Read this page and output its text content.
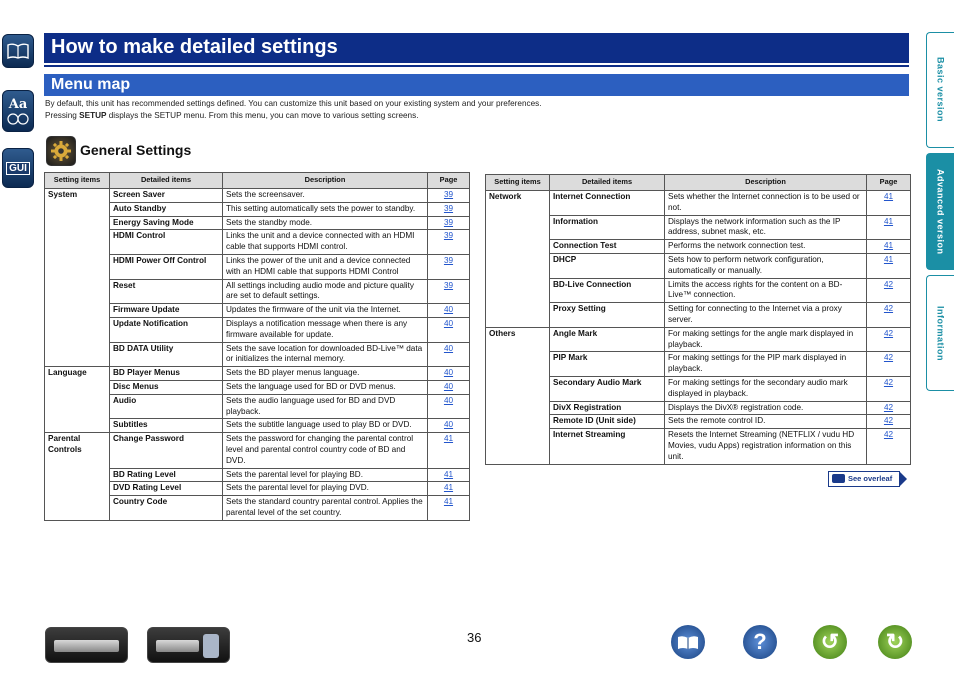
Aa
GUI
Basic version
Advanced version
Information
How to make detailed settings
Menu map
By default, this unit has recommended settings defined. You can customize this unit based on your existing system and your preferences.
Pressing SETUP displays the SETUP menu. From this menu, you can move to various setting screens.
General Settings
Setting items	Detailed items	Description	Page
System	Screen Saver	Sets the screensaver.	39
	Auto Standby	This setting automatically sets the power to standby.	39
	Energy Saving Mode	Sets the standby mode.	39
	HDMI Control	Links the unit and a device connected with an HDMI cable that supports HDMI control.	39
	HDMI Power Off Control	Links the power of the unit and a device connected with an HDMI cable that supports HDMI Control	39
	Reset	All settings including audio mode and picture quality are set to default settings.	39
	Firmware Update	Updates the firmware of the unit via the Internet.	40
	Update Notification	Displays a notification message when there is any firmware available for update.	40
	BD DATA Utility	Sets the save location for downloaded BD-Live™ data or initializes the internal memory.	40
Language	BD Player Menus	Sets the BD player menus language.	40
	Disc Menus	Sets the language used for BD or DVD menus.	40
	Audio	Sets the audio language used for BD and DVD playback.	40
	Subtitles	Sets the subtitle language used to play BD or DVD.	40
Parental Controls	Change Password	Sets the password for changing the parental control level and parental control country code of BD and DVD.	41
	BD Rating Level	Sets the parental level for playing BD.	41
	DVD Rating Level	Sets the parental level for playing DVD.	41
	Country Code	Sets the standard country parental control. Applies the parental level of the set country.	41
Setting items	Detailed items	Description	Page
Network	Internet Connection	Sets whether the Internet connection is to be used or not.	41
	Information	Displays the network information such as the IP address, subnet mask, etc.	41
	Connection Test	Performs the network connection test.	41
	DHCP	Sets how to perform network configuration, automatically or manually.	41
	BD-Live Connection	Limits the access rights for the content on a BD-Live™ connection.	42
	Proxy Setting	Setting for connecting to the Internet via a proxy server.	42
Others	Angle Mark	For making settings for the angle mark displayed in playback.	42
	PIP Mark	For making settings for the PIP mark displayed in playback.	42
	Secondary Audio Mark	For making settings for the secondary audio mark displayed in playback.	42
	DivX Registration	Displays the DivX® registration code.	42
	Remote ID (Unit side)	Sets the remote control ID.	42
	Internet Streaming	Resets the Internet Streaming (NETFLIX / vudu HD Movies, vudu Apps) registration information on this unit.	42
See overleaf
36	?	↺	↻
